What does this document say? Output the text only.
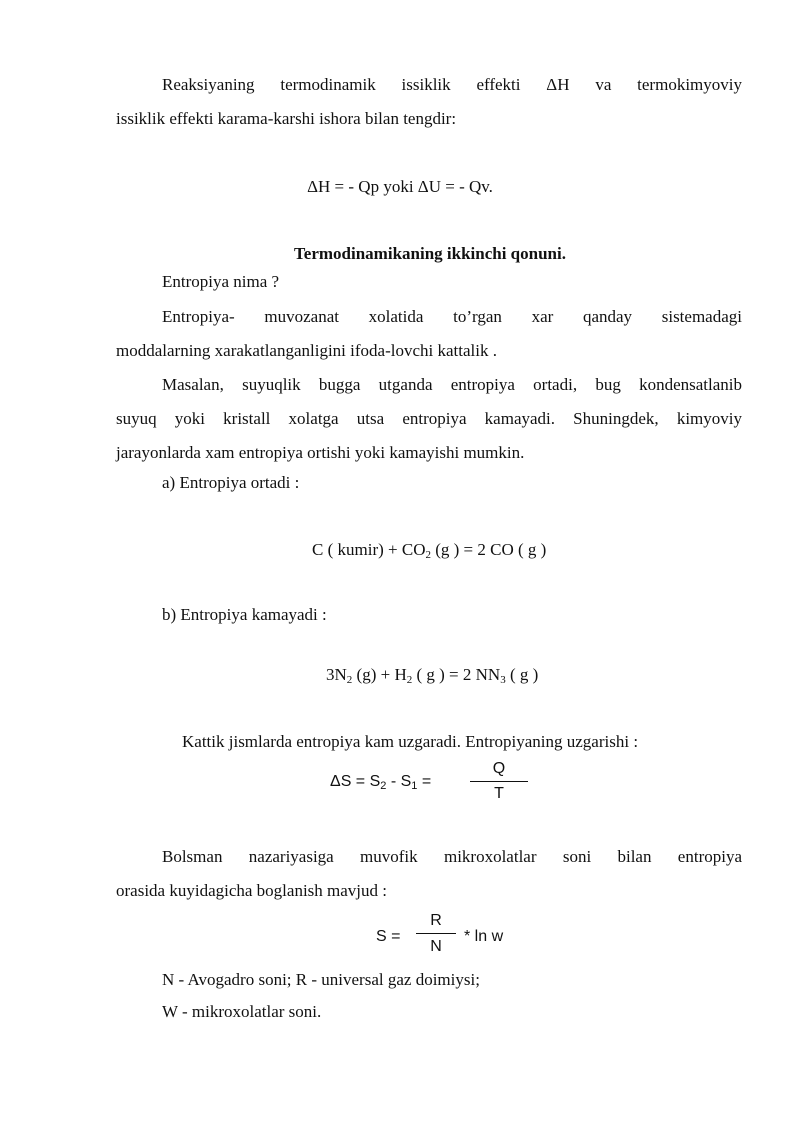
Reaksiyaning termodinamik issiklik effekti ΔH va termokimyoviy
issiklik effekti karama-karshi ishora bilan tengdir:
ΔH = - Qp yoki ΔU = - Qv.
Termodinamikaning ikkinchi qonuni.
Entropiya nima ?
Entropiya- muvozanat xolatida to’rgan xar qanday sistemadagi
moddalarning xarakatlanganligini ifoda-lovchi kattalik .
Masalan, suyuqlik bugga utganda entropiya ortadi, bug kondensatlanib
suyuq yoki kristall xolatga utsa entropiya kamayadi. Shuningdek, kimyoviy
jarayonlarda xam entropiya ortishi yoki kamayishi mumkin.
a) Entropiya ortadi :
C ( kumir) + $CO_2$ (g ) = 2 CO ( g )
b) Entropiya kamayadi :
$3N_2$ $(g) + H_2$ ( g ) = 2 $NN_3$ ( g )
Kattik jismlarda entropiya kam uzgaradi. Entropiyaning uzgarishi :
$\Delta S = S_2 - S_1$ =
Q
T
Bolsman nazariyasiga muvofik mikroxolatlar soni bilan entropiya
orasida kuyidagicha boglanish mavjud :
S =
R
N
* ln w
N - Avogadro soni; R - universal gaz doimiysi;
W - mikroxolatlar soni.
